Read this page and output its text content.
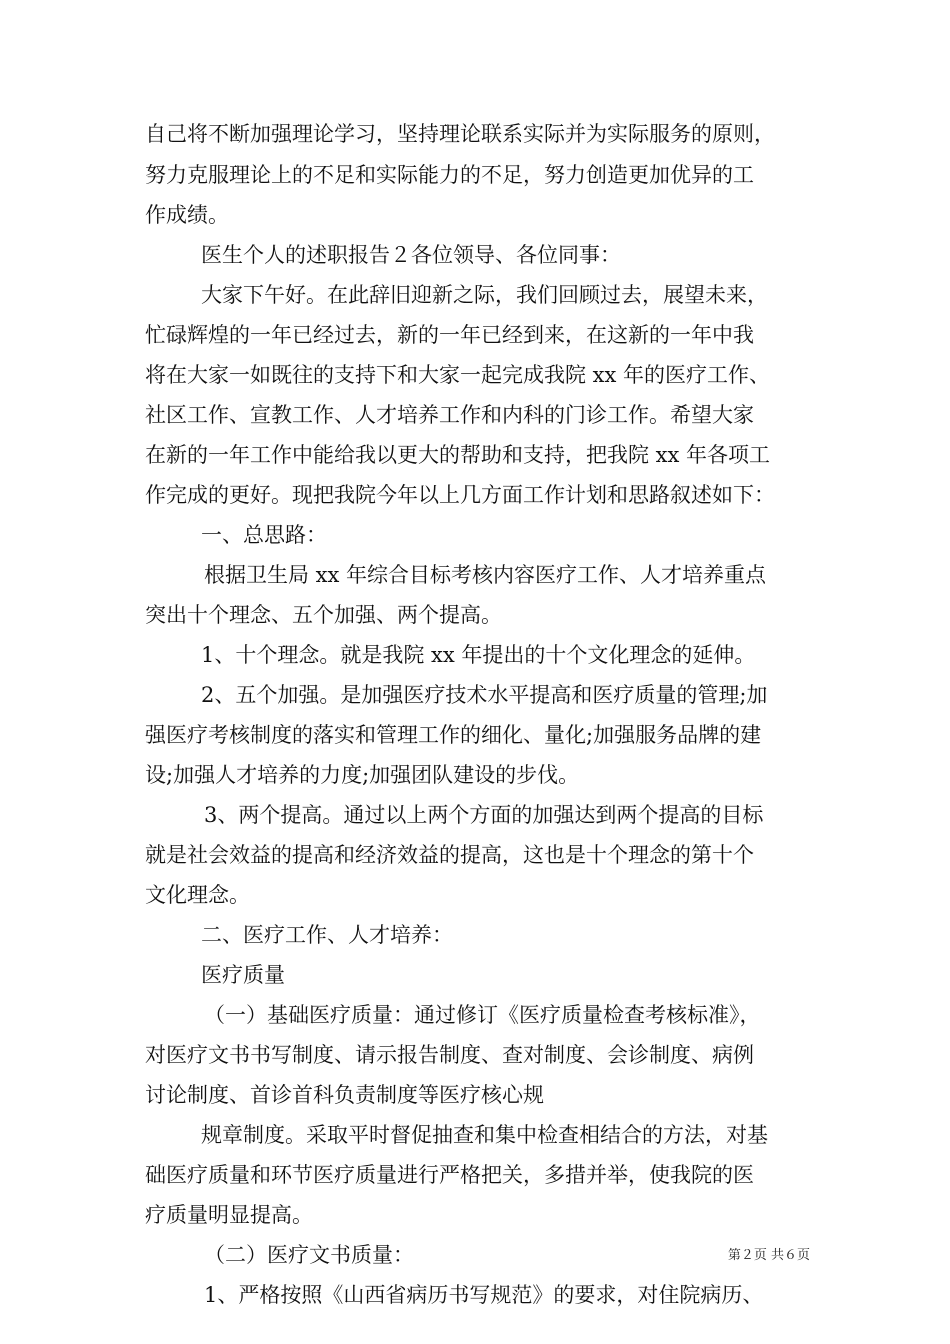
自己将不断加强理论学习，坚持理论联系实际并为实际服务的原则，
努力克服理论上的不足和实际能力的不足，努力创造更加优异的工
作成绩。
医生个人的述职报告２各位领导、各位同事：
大家下午好。在此辞旧迎新之际，我们回顾过去，展望未来，
忙碌辉煌的一年已经过去，新的一年已经到来，在这新的一年中我
将在大家一如既往的支持下和大家一起完成我院 xx 年的医疗工作、
社区工作、宣教工作、人才培养工作和内科的门诊工作。希望大家
在新的一年工作中能给我以更大的帮助和支持，把我院 xx 年各项工
作完成的更好。现把我院今年以上几方面工作计划和思路叙述如下：
一、总思路：
根据卫生局 xx 年综合目标考核内容医疗工作、人才培养重点
突出十个理念、五个加强、两个提高。
1、十个理念。就是我院 xx 年提出的十个文化理念的延伸。
2、五个加强。是加强医疗技术水平提高和医疗质量的管理;加
强医疗考核制度的落实和管理工作的细化、量化;加强服务品牌的建
设;加强人才培养的力度;加强团队建设的步伐。
3、两个提高。通过以上两个方面的加强达到两个提高的目标
就是社会效益的提高和经济效益的提高，这也是十个理念的第十个
文化理念。
二、医疗工作、人才培养：
医疗质量
（一）基础医疗质量：通过修订《医疗质量检查考核标准》，
对医疗文书书写制度、请示报告制度、查对制度、会诊制度、病例
讨论制度、首诊首科负责制度等医疗核心规
规章制度。采取平时督促抽查和集中检查相结合的方法，对基
础医疗质量和环节医疗质量进行严格把关，多措并举，使我院的医
疗质量明显提高。
（二）医疗文书质量：
1、严格按照《山西省病历书写规范》的要求，对住院病历、
第２页 共６页
